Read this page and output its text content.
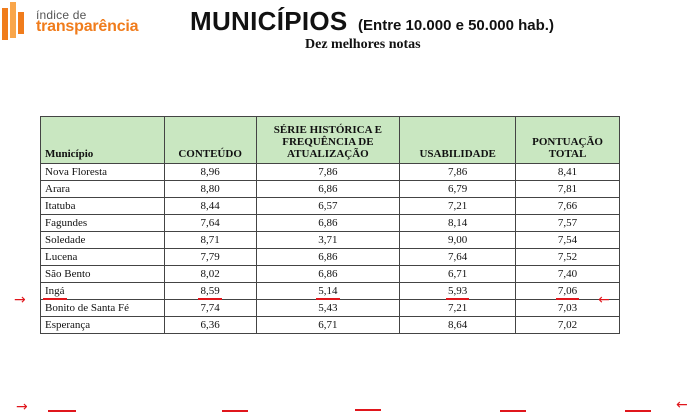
índice de
transparência MUNICÍPIOS (Entre 10.000 e 50.000 hab.)
Dez melhores notas
Município	CONTEÚDO	SÉRIE HISTÓRICA E FREQUÊNCIA DE ATUALIZAÇÃO	USABILIDADE	PONTUAÇÃO TOTAL
Nova Floresta	8,96	7,86	7,86	8,41
Arara	8,80	6,86	6,79	7,81
Itatuba	8,44	6,57	7,21	7,66
Fagundes	7,64	6,86	8,14	7,57
Soledade	8,71	3,71	9,00	7,54
Lucena	7,79	6,86	7,64	7,52
São Bento	8,02	6,86	6,71	7,40
Ingá	8,59	5,14	5,93	7,06
Bonito de Santa Fé	7,74	5,43	7,21	7,03
Esperança	6,36	6,71	8,64	7,02
→	←
→	←
